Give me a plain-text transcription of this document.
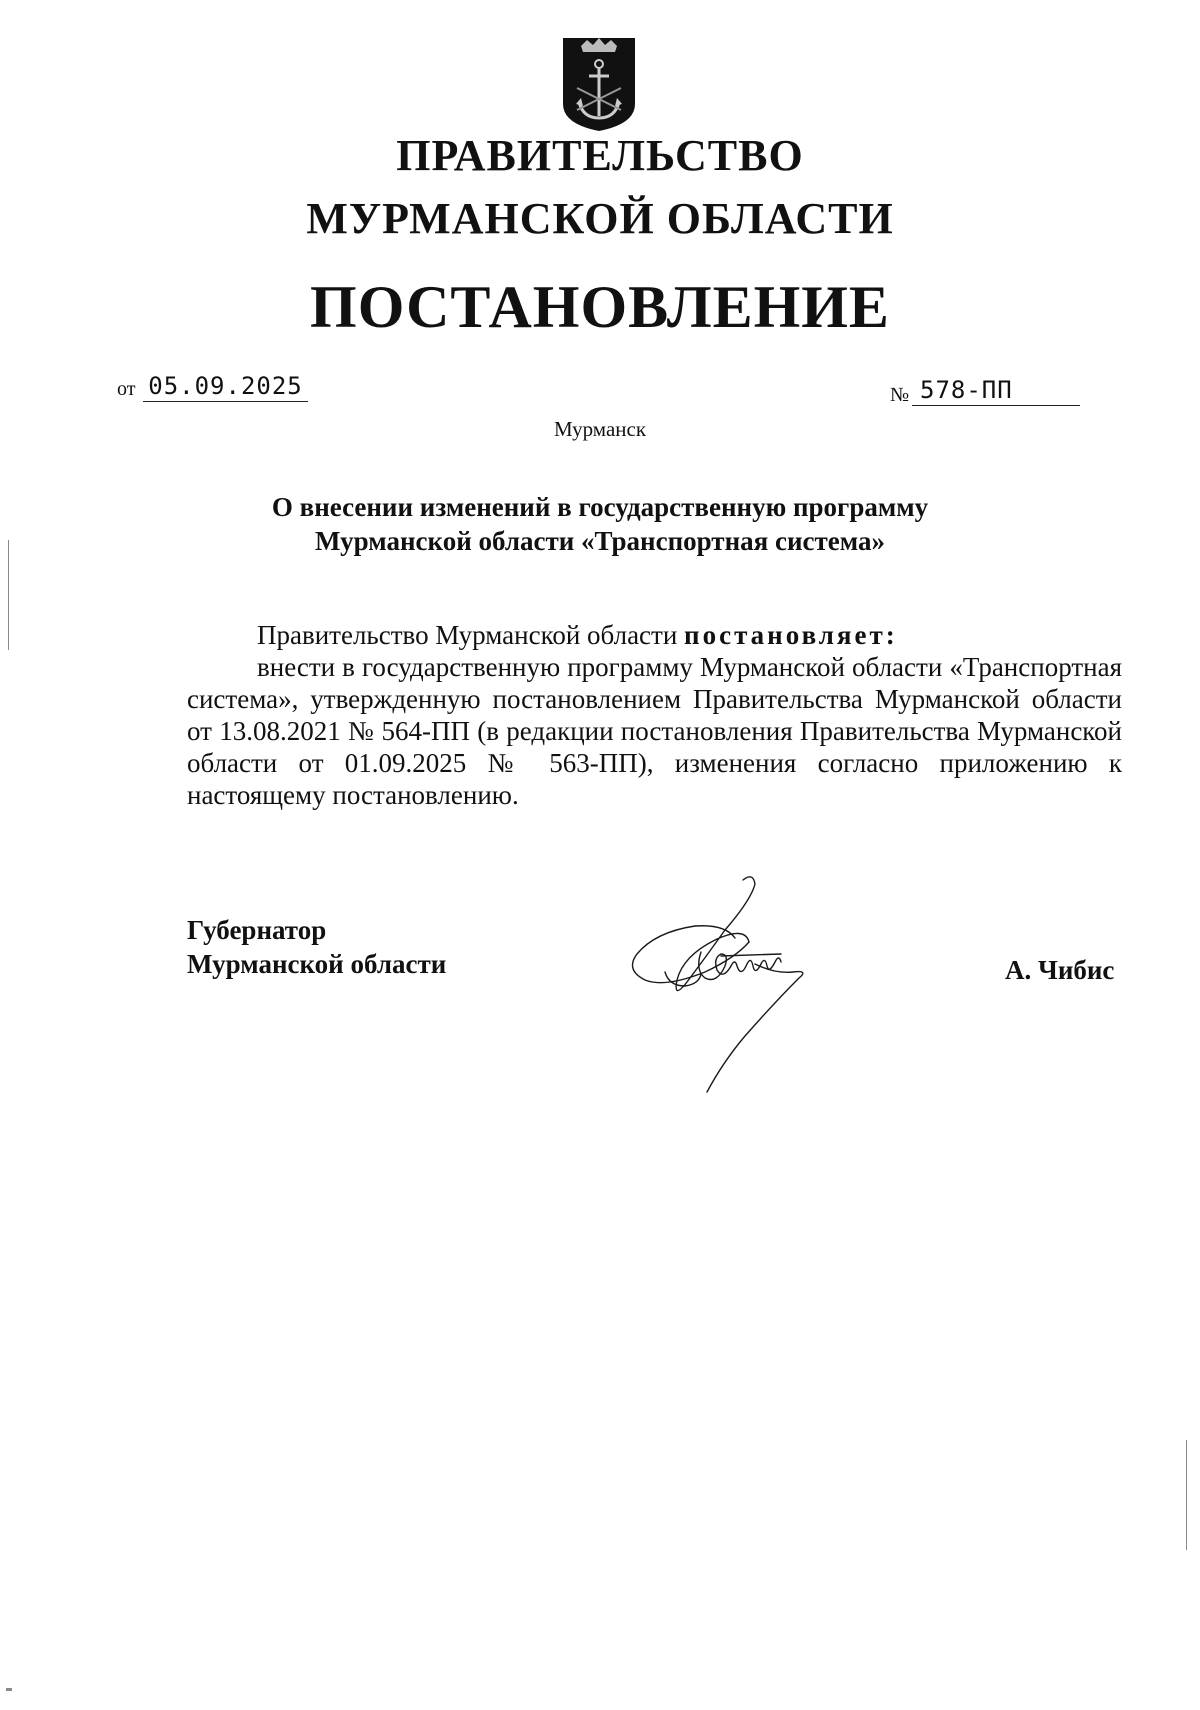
ПРАВИТЕЛЬСТВО
МУРМАНСКОЙ ОБЛАСТИ
ПОСТАНОВЛЕНИЕ
от 05.09.2025	№ 578-ПП
Мурманск
О внесении изменений в государственную программу
Мурманской области «Транспортная система»

Правительство Мурманской области постановляет:

внести в государственную программу Мурманской области «Транспортная система», утвержденную постановлением Правительства Мурманской области от 13.08.2021 № 564-ПП (в редакции постановления Правительства Мурманской области от 01.09.2025 № 563-ПП), изменения согласно приложению к настоящему постановлению.

Губернатор
Мурманской области	А. Чибис
